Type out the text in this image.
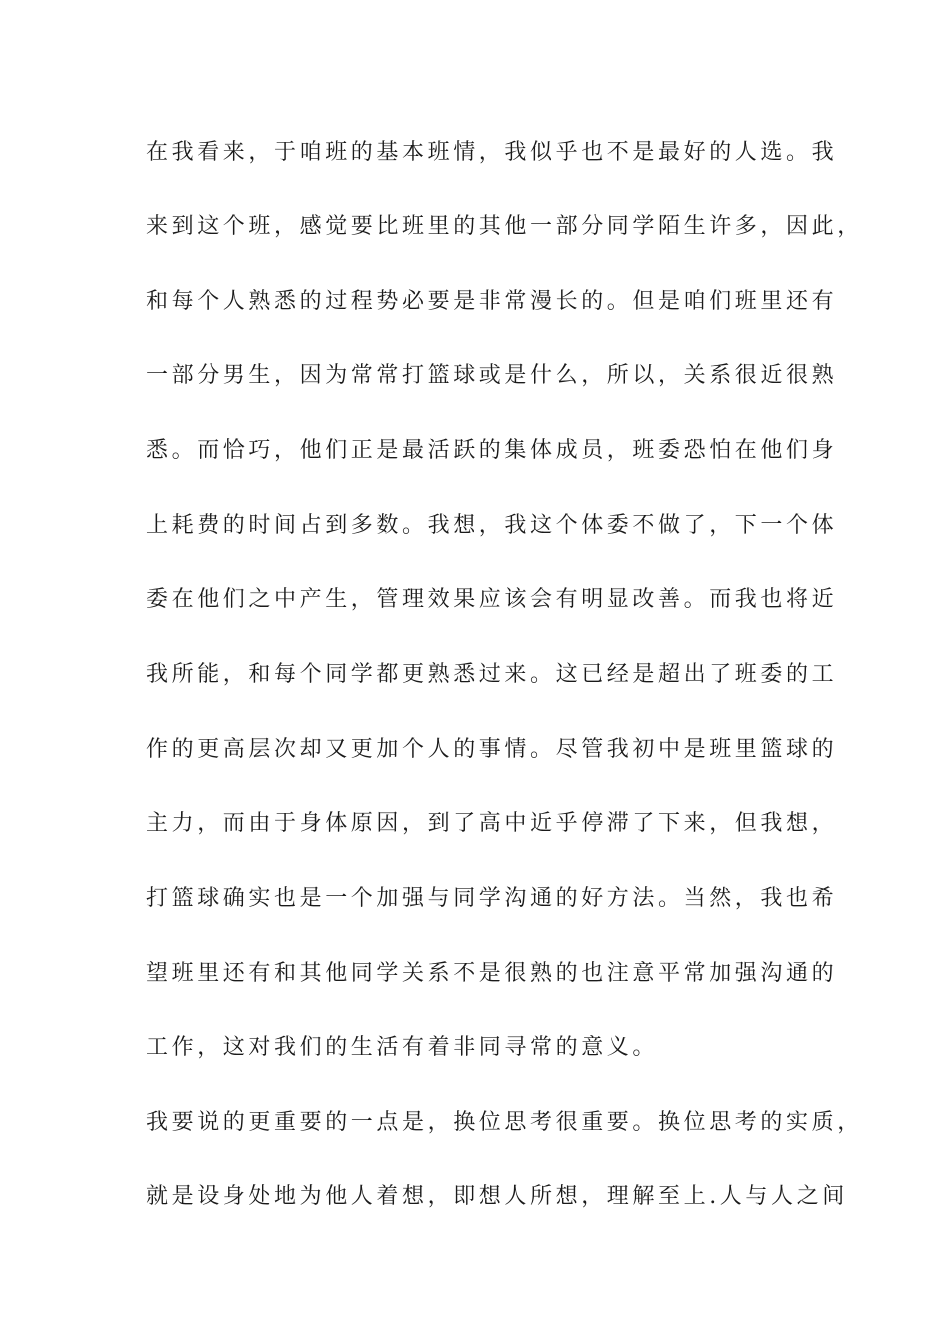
在我看来，于咱班的基本班情，我似乎也不是最好的人选。我
来到这个班，感觉要比班里的其他一部分同学陌生许多，因此，
和每个人熟悉的过程势必要是非常漫长的。但是咱们班里还有
一部分男生，因为常常打篮球或是什么，所以，关系很近很熟
悉。而恰巧，他们正是最活跃的集体成员，班委恐怕在他们身
上耗费的时间占到多数。我想，我这个体委不做了，下一个体
委在他们之中产生，管理效果应该会有明显改善。而我也将近
我所能，和每个同学都更熟悉过来。这已经是超出了班委的工
作的更高层次却又更加个人的事情。尽管我初中是班里篮球的
主力，而由于身体原因，到了高中近乎停滞了下来，但我想，
打篮球确实也是一个加强与同学沟通的好方法。当然，我也希
望班里还有和其他同学关系不是很熟的也注意平常加强沟通的
工作，这对我们的生活有着非同寻常的意义。
我要说的更重要的一点是，换位思考很重要。换位思考的实质，
就是设身处地为他人着想，即想人所想，理解至上.人与人之间
